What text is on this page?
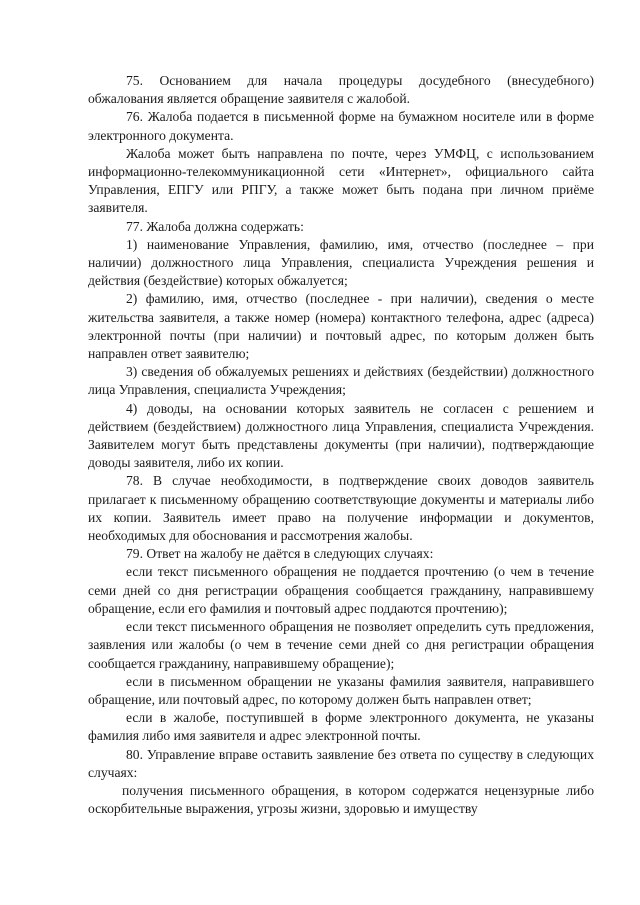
75. Основанием для начала процедуры досудебного (внесудебного) обжалования является обращение заявителя с жалобой.

76. Жалоба подается в письменной форме на бумажном носителе или в форме электронного документа.

Жалоба может быть направлена по почте, через УМФЦ, с использованием информационно-телекоммуникационной сети «Интернет», официального сайта Управления, ЕПГУ или РПГУ, а также может быть подана при личном приёме заявителя.

77. Жалоба должна содержать:

1) наименование Управления, фамилию, имя, отчество (последнее – при наличии) должностного лица Управления, специалиста Учреждения решения и действия (бездействие) которых обжалуется;

2) фамилию, имя, отчество (последнее - при наличии), сведения о месте жительства заявителя, а также номер (номера) контактного телефона, адрес (адреса) электронной почты (при наличии) и почтовый адрес, по которым должен быть направлен ответ заявителю;

3) сведения об обжалуемых решениях и действиях (бездействии) должностного лица Управления, специалиста Учреждения;

4) доводы, на основании которых заявитель не согласен с решением и действием (бездействием) должностного лица Управления, специалиста Учреждения. Заявителем могут быть представлены документы (при наличии), подтверждающие доводы заявителя, либо их копии.

78. В случае необходимости, в подтверждение своих доводов заявитель прилагает к письменному обращению соответствующие документы и материалы либо их копии. Заявитель имеет право на получение информации и документов, необходимых для обоснования и рассмотрения жалобы.

79. Ответ на жалобу не даётся в следующих случаях:

если текст письменного обращения не поддается прочтению (о чем в течение семи дней со дня регистрации обращения сообщается гражданину, направившему обращение, если его фамилия и почтовый адрес поддаются прочтению);

если текст письменного обращения не позволяет определить суть предложения, заявления или жалобы (о чем в течение семи дней со дня регистрации обращения сообщается гражданину, направившему обращение);

если в письменном обращении не указаны фамилия заявителя, направившего обращение, или почтовый адрес, по которому должен быть направлен ответ;

если в жалобе, поступившей в форме электронного документа, не указаны фамилия либо имя заявителя и адрес электронной почты.

80. Управление вправе оставить заявление без ответа по существу в следующих случаях:

получения письменного обращения, в котором содержатся нецензурные либо оскорбительные выражения, угрозы жизни, здоровью и имуществу
